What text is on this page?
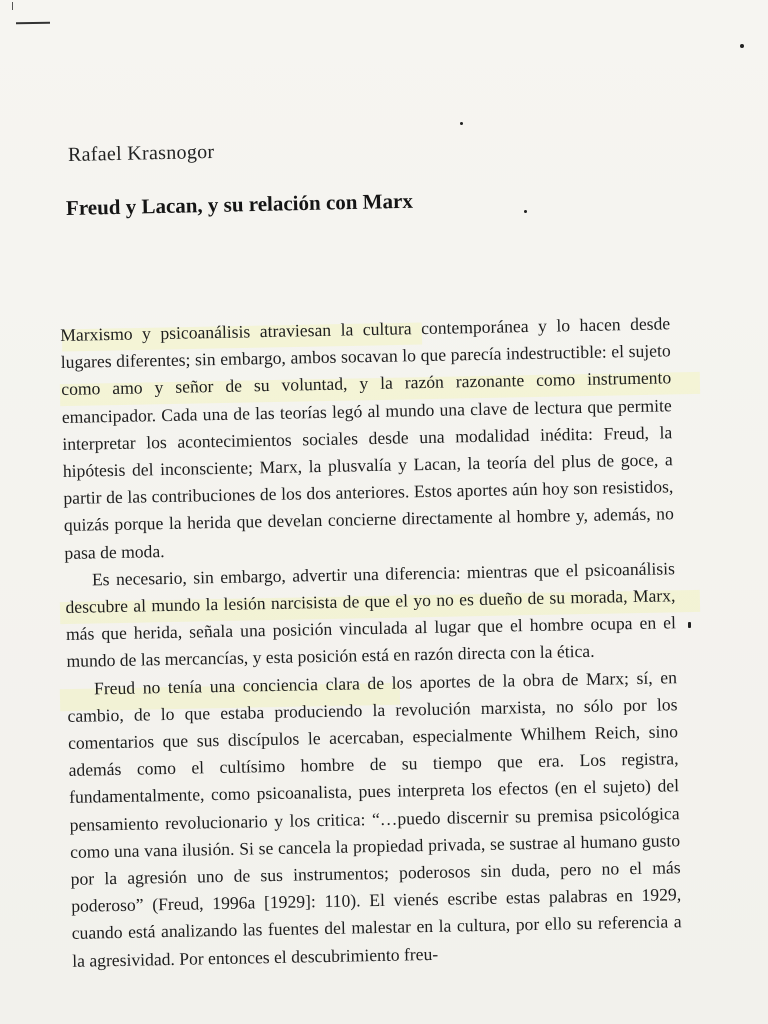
Rafael Krasnogor
Freud y Lacan, y su relación con Marx

Marxismo y psicoanálisis atraviesan la cultura contemporánea y lo hacen desde lugares diferentes; sin embargo, ambos socavan lo que parecía indestructible: el sujeto como amo y señor de su voluntad, y la razón razonante como instrumento emancipador. Cada una de las teorías legó al mundo una clave de lectura que permite interpretar los acontecimientos sociales desde una modalidad inédita: Freud, la hipótesis del inconsciente; Marx, la plusvalía y Lacan, la teoría del plus de goce, a partir de las contribuciones de los dos anteriores. Estos aportes aún hoy son resistidos, quizás porque la herida que develan concierne directamente al hombre y, además, no pasa de moda.

Es necesario, sin embargo, advertir una diferencia: mientras que el psicoanálisis descubre al mundo la lesión narcisista de que el yo no es dueño de su morada, Marx, más que herida, señala una posición vinculada al lugar que el hombre ocupa en el mundo de las mercancías, y esta posición está en razón directa con la ética.

Freud no tenía una conciencia clara de los aportes de la obra de Marx; sí, en cambio, de lo que estaba produciendo la revolución marxista, no sólo por los comentarios que sus discípulos le acercaban, especialmente Whilhem Reich, sino además como el cultísimo hombre de su tiempo que era. Los registra, fundamentalmente, como psicoanalista, pues interpreta los efectos (en el sujeto) del pensamiento revolucionario y los critica: “…puedo discernir su premisa psicológica como una vana ilusión. Si se cancela la propiedad privada, se sustrae al humano gusto por la agresión uno de sus instrumentos; poderosos sin duda, pero no el más poderoso” (Freud, 1996a [1929]: 110). El vienés escribe estas palabras en 1929, cuando está analizando las fuentes del malestar en la cultura, por ello su referencia a la agresividad. Por entonces el descubrimiento freu-
